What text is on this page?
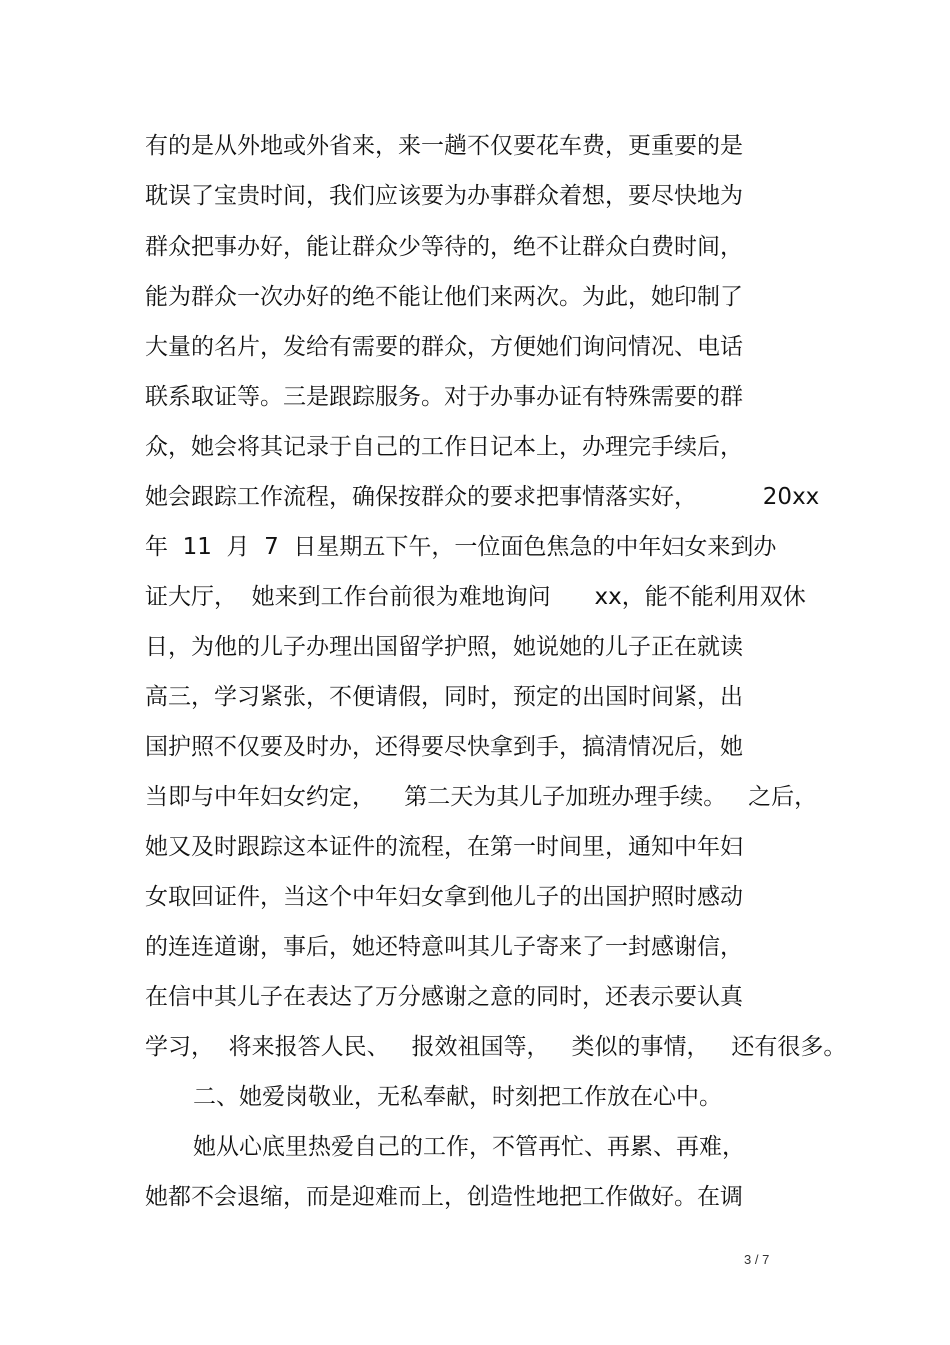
有的是从外地或外省来，来一趟不仅要花车费，更重要的是
耽误了宝贵时间，我们应该要为办事群众着想，要尽快地为
群众把事办好，能让群众少等待的，绝不让群众白费时间，
能为群众一次办好的绝不能让他们来两次。为此，她印制了
大量的名片，发给有需要的群众，方便她们询问情况、电话
联系取证等。三是跟踪服务。对于办事办证有特殊需要的群
众，她会将其记录于自己的工作日记本上，办理完手续后，
她会跟踪工作流程，确保按群众的要求把事情落实好，         20xx
年  11  月  7  日星期五下午，一位面色焦急的中年妇女来到办
证大厅，  她来到工作台前很为难地询问      xx，能不能利用双休
日，为他的儿子办理出国留学护照，她说她的儿子正在就读
高三，学习紧张，不便请假，同时，预定的出国时间紧，出
国护照不仅要及时办，还得要尽快拿到手，搞清情况后，她
当即与中年妇女约定，    第二天为其儿子加班办理手续。   之后，
她又及时跟踪这本证件的流程，在第一时间里，通知中年妇
女取回证件，当这个中年妇女拿到他儿子的出国护照时感动
的连连道谢，事后，她还特意叫其儿子寄来了一封感谢信，
在信中其儿子在表达了万分感谢之意的同时，还表示要认真
学习，  将来报答人民、   报效祖国等，   类似的事情，   还有很多。
二、她爱岗敬业，无私奉献，时刻把工作放在心中。
她从心底里热爱自己的工作，不管再忙、再累、再难，
她都不会退缩，而是迎难而上，创造性地把工作做好。在调
3 / 7
